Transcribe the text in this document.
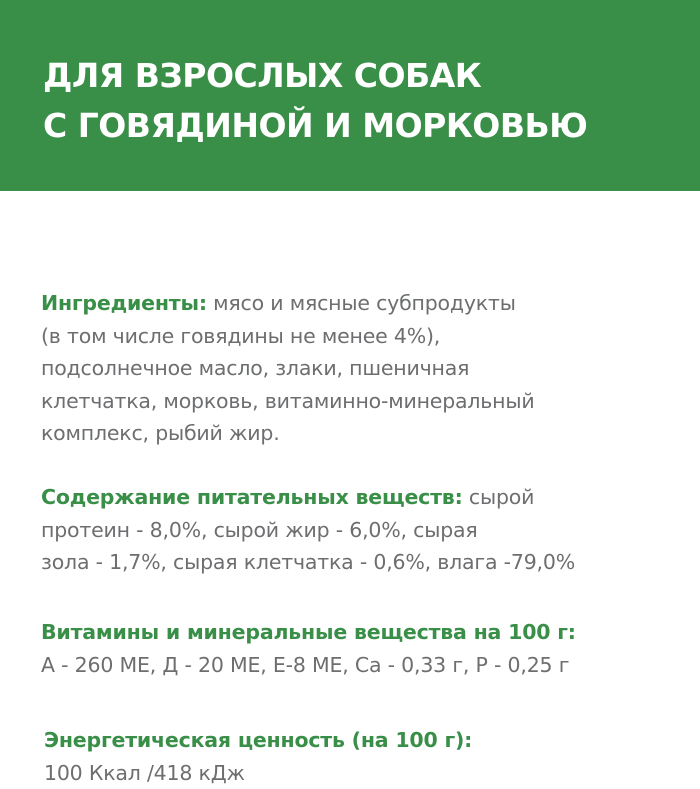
ДЛЯ ВЗРОСЛЫХ СОБАК
С ГОВЯДИНОЙ И МОРКОВЬЮ
Ингредиенты: мясо и мясные субпродукты
(в том числе говядины не менее 4%),
подсолнечное масло, злаки, пшеничная
клетчатка, морковь, витаминно-минеральный
комплекс, рыбий жир.
Содержание питательных веществ: сырой
протеин - 8,0%, сырой жир - 6,0%, сырая
зола - 1,7%, сырая клетчатка - 0,6%, влага -79,0%
Витамины и минеральные вещества на 100 г:
А - 260 МЕ, Д - 20 МЕ, Е-8 МЕ, Са - 0,33 г, Р - 0,25 г
Энергетическая ценность (на 100 г):
100 Ккал /418 кДж
